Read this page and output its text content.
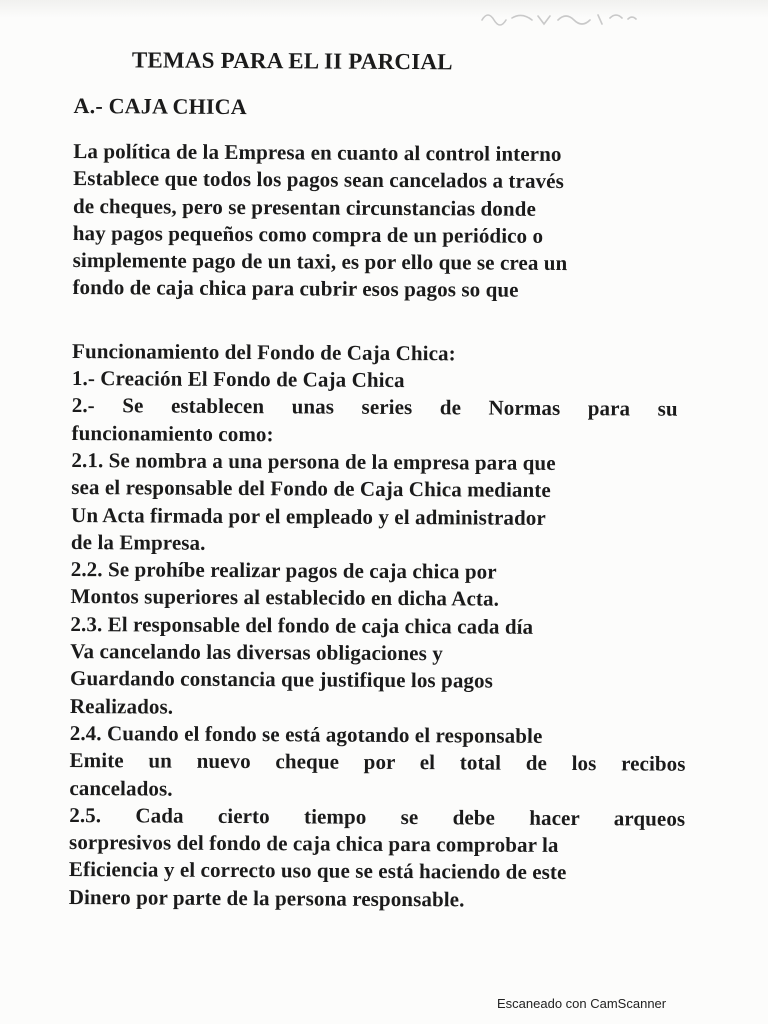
TEMAS PARA EL II PARCIAL
A.- CAJA CHICA
La política de la Empresa en cuanto al control interno
Establece que todos los pagos sean cancelados a través
de cheques, pero se presentan circunstancias donde
hay pagos pequeños como compra de un periódico o
simplemente pago de un taxi, es por ello que se crea un
fondo de caja chica para cubrir esos pagos so que
Funcionamiento del Fondo de Caja Chica:
1.- Creación El Fondo de Caja Chica
2.- Se establecen unas series de Normas para su
funcionamiento como:
2.1. Se nombra a una persona de la empresa para que
sea el responsable del Fondo de Caja Chica mediante
Un Acta firmada por el empleado y el administrador
de la Empresa.
2.2. Se prohíbe realizar pagos de caja chica por
Montos superiores al establecido en dicha Acta.
2.3. El responsable del fondo de caja chica cada día
Va cancelando las diversas obligaciones y
Guardando constancia que justifique los pagos
Realizados.
2.4. Cuando el fondo se está agotando el responsable
Emite un nuevo cheque por el total de los recibos
cancelados.
2.5. Cada cierto tiempo se debe hacer arqueos
sorpresivos del fondo de caja chica para comprobar la
Eficiencia y el correcto uso que se está haciendo de este
Dinero por parte de la persona responsable.
Escaneado con CamScanner
